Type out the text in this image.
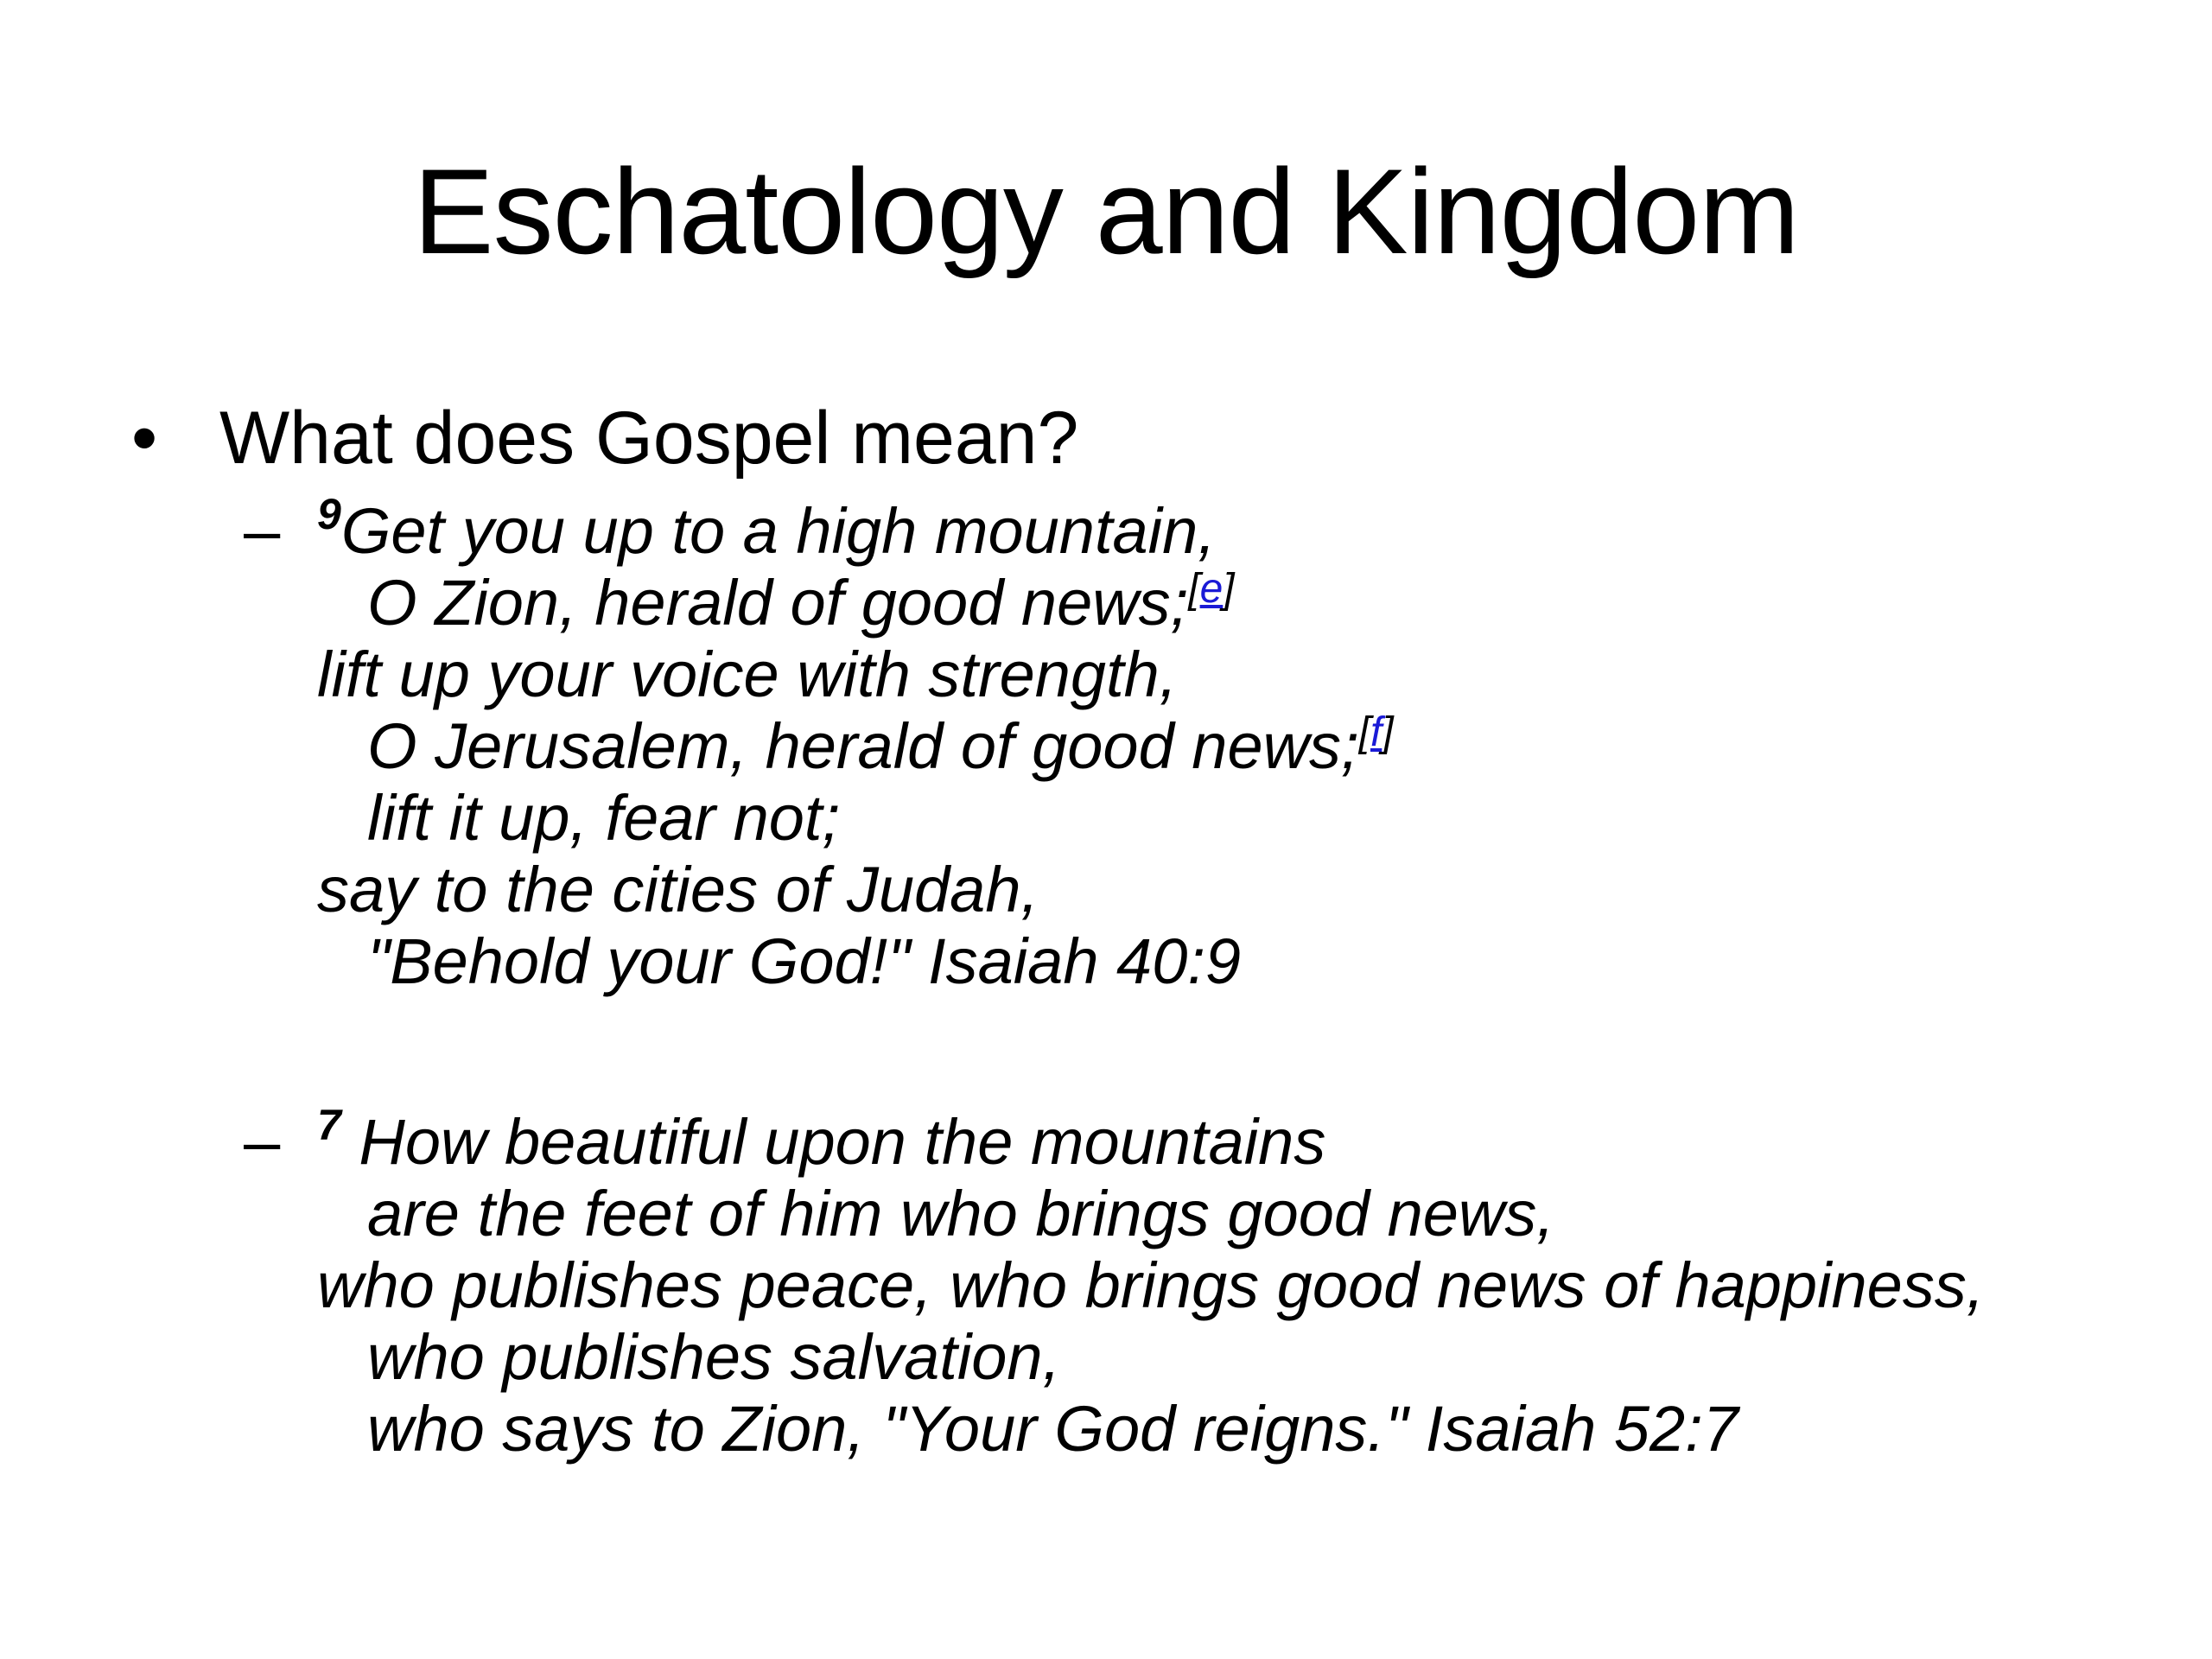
Eschatology and Kingdom
• What does Gospel mean?
– $^9$Get you up to a high mountain,
O Zion, herald of good news;[e]
lift up your voice with strength,
O Jerusalem, herald of good news;[f]
lift it up, fear not;
say to the cities of Judah,
"Behold your God!" Isaiah 40:9
– $^7$ How beautiful upon the mountains
are the feet of him who brings good news,
who publishes peace, who brings good news of happiness,
who publishes salvation,
who says to Zion, "Your God reigns." Isaiah 52:7
